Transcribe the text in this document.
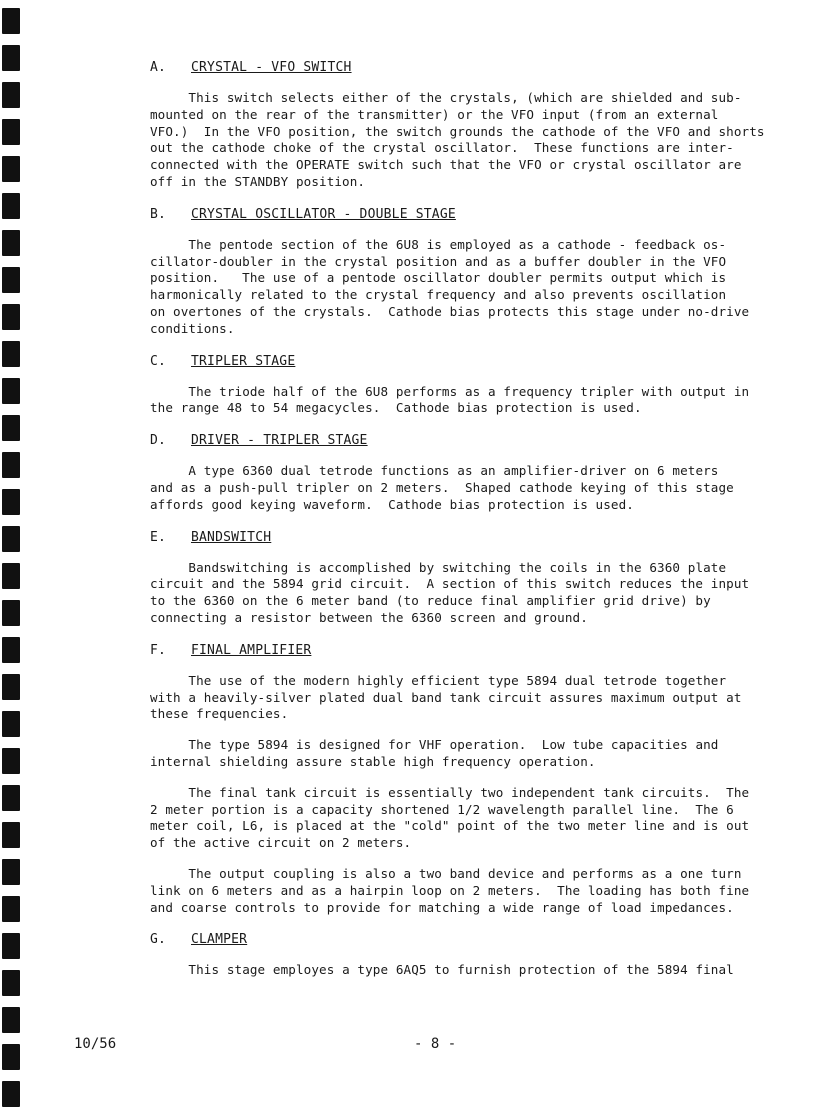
A. CRYSTAL - VFO SWITCH

This switch selects either of the crystals, (which are shielded and sub-
mounted on the rear of the transmitter) or the VFO input (from an external
VFO.)  In the VFO position, the switch grounds the cathode of the VFO and shorts
out the cathode choke of the crystal oscillator.  These functions are inter-
connected with the OPERATE switch such that the VFO or crystal oscillator are
off in the STANDBY position.

B. CRYSTAL OSCILLATOR - DOUBLE STAGE

The pentode section of the 6U8 is employed as a cathode - feedback os-
cillator-doubler in the crystal position and as a buffer doubler in the VFO
position.   The use of a pentode oscillator doubler permits output which is
harmonically related to the crystal frequency and also prevents oscillation
on overtones of the crystals.  Cathode bias protects this stage under no-drive
conditions.

C. TRIPLER STAGE

The triode half of the 6U8 performs as a frequency tripler with output in
the range 48 to 54 megacycles.  Cathode bias protection is used.

D. DRIVER - TRIPLER STAGE

A type 6360 dual tetrode functions as an amplifier-driver on 6 meters
and as a push-pull tripler on 2 meters.  Shaped cathode keying of this stage
affords good keying waveform.  Cathode bias protection is used.

E. BANDSWITCH

Bandswitching is accomplished by switching the coils in the 6360 plate
circuit and the 5894 grid circuit.  A section of this switch reduces the input
to the 6360 on the 6 meter band (to reduce final amplifier grid drive) by
connecting a resistor between the 6360 screen and ground.

F. FINAL AMPLIFIER

The use of the modern highly efficient type 5894 dual tetrode together
with a heavily-silver plated dual band tank circuit assures maximum output at
these frequencies.

The type 5894 is designed for VHF operation.  Low tube capacities and
internal shielding assure stable high frequency operation.

The final tank circuit is essentially two independent tank circuits.  The
2 meter portion is a capacity shortened 1/2 wavelength parallel line.  The 6
meter coil, L6, is placed at the "cold" point of the two meter line and is out
of the active circuit on 2 meters.

The output coupling is also a two band device and performs as a one turn
link on 6 meters and as a hairpin loop on 2 meters.  The loading has both fine
and coarse controls to provide for matching a wide range of load impedances.

G. CLAMPER

This stage employes a type 6AQ5 to furnish protection of the 5894 final

10/56	- 8 -
